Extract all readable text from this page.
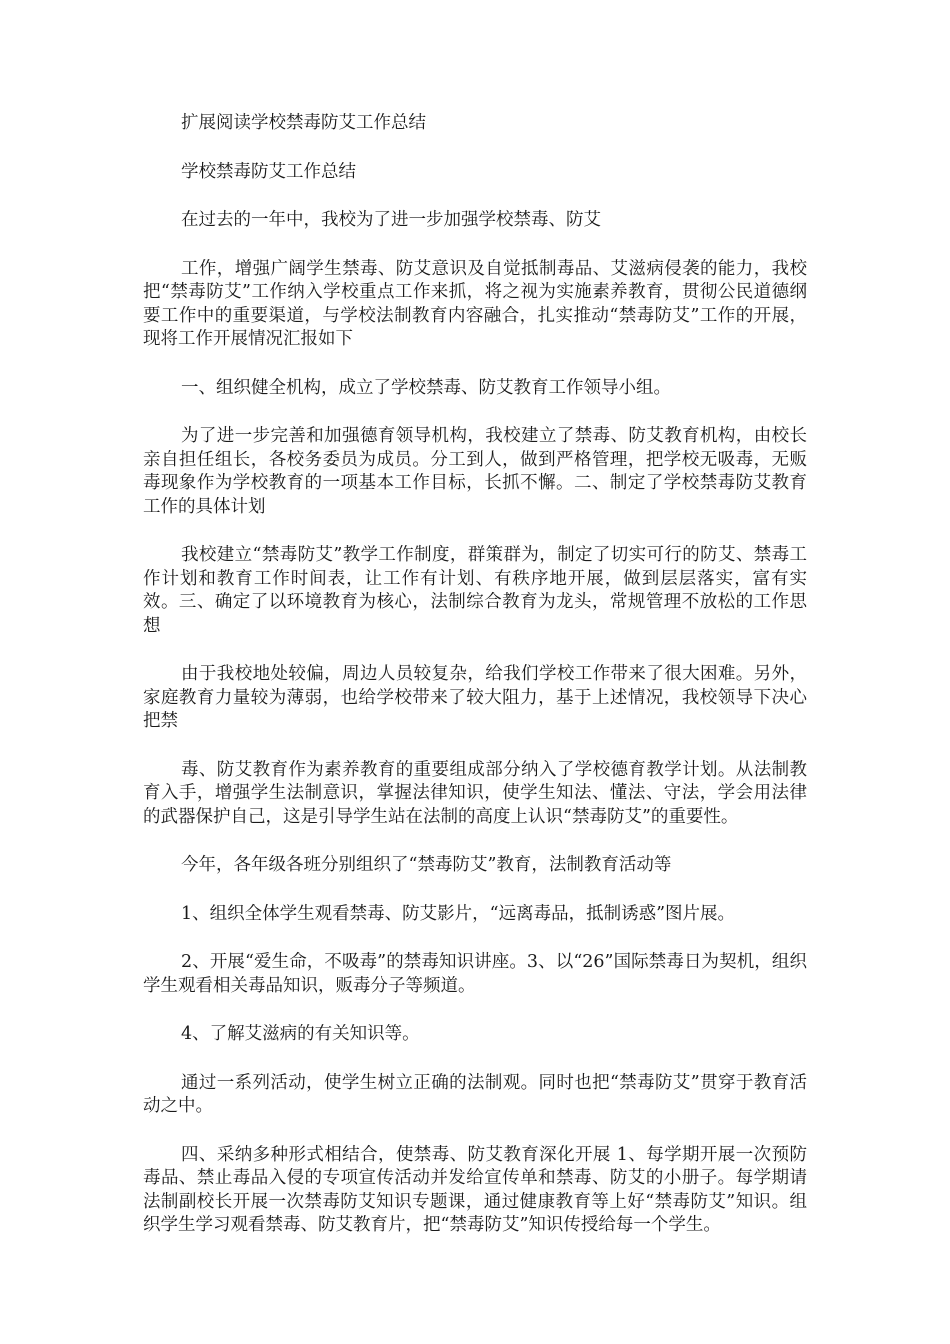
扩展阅读学校禁毒防艾工作总结

学校禁毒防艾工作总结

在过去的一年中，我校为了进一步加强学校禁毒、防艾

工作，增强广阔学生禁毒、防艾意识及自觉抵制毒品、艾滋病侵袭的能力，我校把“禁毒防艾”工作纳入学校重点工作来抓，将之视为实施素养教育，贯彻公民道德纲要工作中的重要渠道，与学校法制教育内容融合，扎实推动“禁毒防艾”工作的开展，现将工作开展情况汇报如下

一、组织健全机构，成立了学校禁毒、防艾教育工作领导小组。

为了进一步完善和加强德育领导机构，我校建立了禁毒、防艾教育机构，由校长亲自担任组长，各校务委员为成员。分工到人，做到严格管理，把学校无吸毒，无贩毒现象作为学校教育的一项基本工作目标，长抓不懈。二、制定了学校禁毒防艾教育工作的具体计划

我校建立“禁毒防艾”教学工作制度，群策群为，制定了切实可行的防艾、禁毒工作计划和教育工作时间表，让工作有计划、有秩序地开展，做到层层落实，富有实效。三、确定了以环境教育为核心，法制综合教育为龙头，常规管理不放松的工作思想

由于我校地处较偏，周边人员较复杂，给我们学校工作带来了很大困难。另外，家庭教育力量较为薄弱，也给学校带来了较大阻力，基于上述情况，我校领导下决心把禁

毒、防艾教育作为素养教育的重要组成部分纳入了学校德育教学计划。从法制教育入手，增强学生法制意识，掌握法律知识，使学生知法、懂法、守法，学会用法律的武器保护自己，这是引导学生站在法制的高度上认识“禁毒防艾”的重要性。

今年，各年级各班分别组织了“禁毒防艾”教育，法制教育活动等

1、组织全体学生观看禁毒、防艾影片，“远离毒品，抵制诱惑”图片展。

2、开展“爱生命，不吸毒”的禁毒知识讲座。3、以“26”国际禁毒日为契机，组织学生观看相关毒品知识，贩毒分子等频道。

4、了解艾滋病的有关知识等。

通过一系列活动，使学生树立正确的法制观。同时也把“禁毒防艾”贯穿于教育活动之中。

四、采纳多种形式相结合，使禁毒、防艾教育深化开展 1、每学期开展一次预防毒品、禁止毒品入侵的专项宣传活动并发给宣传单和禁毒、防艾的小册子。每学期请法制副校长开展一次禁毒防艾知识专题课，通过健康教育等上好“禁毒防艾”知识。组织学生学习观看禁毒、防艾教育片，把“禁毒防艾”知识传授给每一个学生。
